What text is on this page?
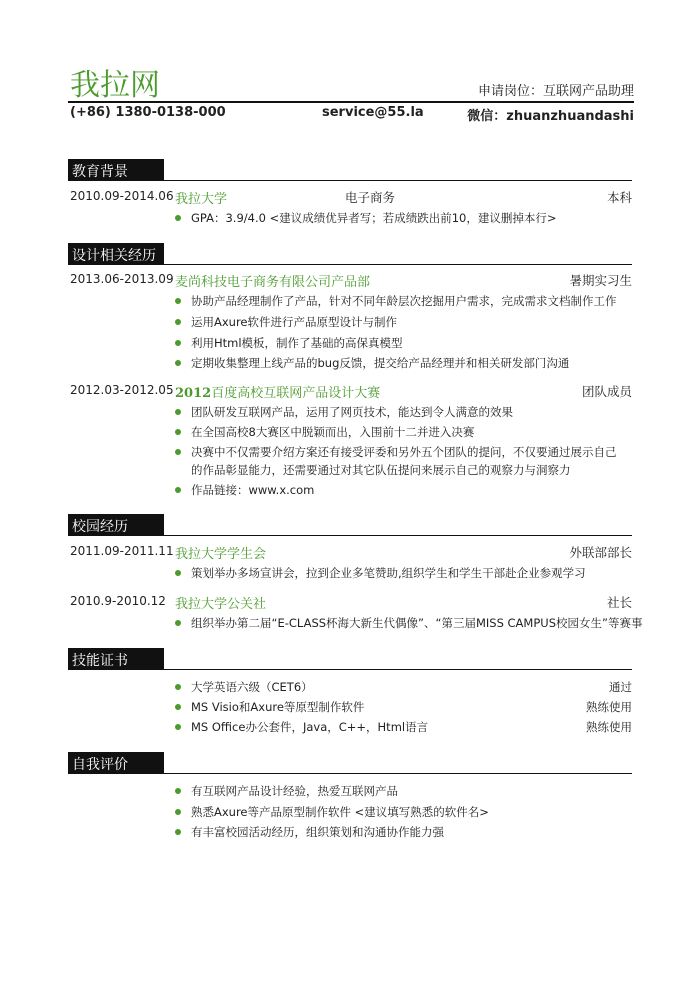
我拉网	申请岗位：互联网产品助理
(+86) 1380-0138-000	service@55.la	微信：zhuanzhuandashi
教育背景
2010.09-2014.06 我拉大学	电子商务	本科
GPA：3.9/4.0 <建议成绩优异者写；若成绩跌出前10，建议删掉本行>
设计相关经历
2013.06-2013.09 麦尚科技电子商务有限公司产品部	暑期实习生
协助产品经理制作了产品，针对不同年龄层次挖掘用户需求，完成需求文档制作工作
运用Axure软件进行产品原型设计与制作
利用Html模板，制作了基础的高保真模型
定期收集整理上线产品的bug反馈，提交给产品经理并和相关研发部门沟通
2012.03-2012.05 2012百度高校互联网产品设计大赛	团队成员
团队研发互联网产品，运用了网页技术，能达到令人满意的效果
在全国高校8大赛区中脱颖而出，入围前十二并进入决赛
决赛中不仅需要介绍方案还有接受评委和另外五个团队的提问，不仅要通过展示自己
的作品彰显能力，还需要通过对其它队伍提问来展示自己的观察力与洞察力
作品链接：www.x.com
校园经历
2011.09-2011.11 我拉大学学生会	外联部部长
策划举办多场宣讲会，拉到企业多笔赞助,组织学生和学生干部赴企业参观学习
2010.9-2010.12 我拉大学公关社	社长
组织举办第二届“E-CLASS杯海大新生代偶像”、“第三届MISS CAMPUS校园女生”等赛事
技能证书
大学英语六级（CET6）	通过
MS Visio和Axure等原型制作软件	熟练使用
MS Office办公套件，Java，C++，Html语言	熟练使用
自我评价
有互联网产品设计经验，热爱互联网产品
熟悉Axure等产品原型制作软件 <建议填写熟悉的软件名>
有丰富校园活动经历，组织策划和沟通协作能力强
